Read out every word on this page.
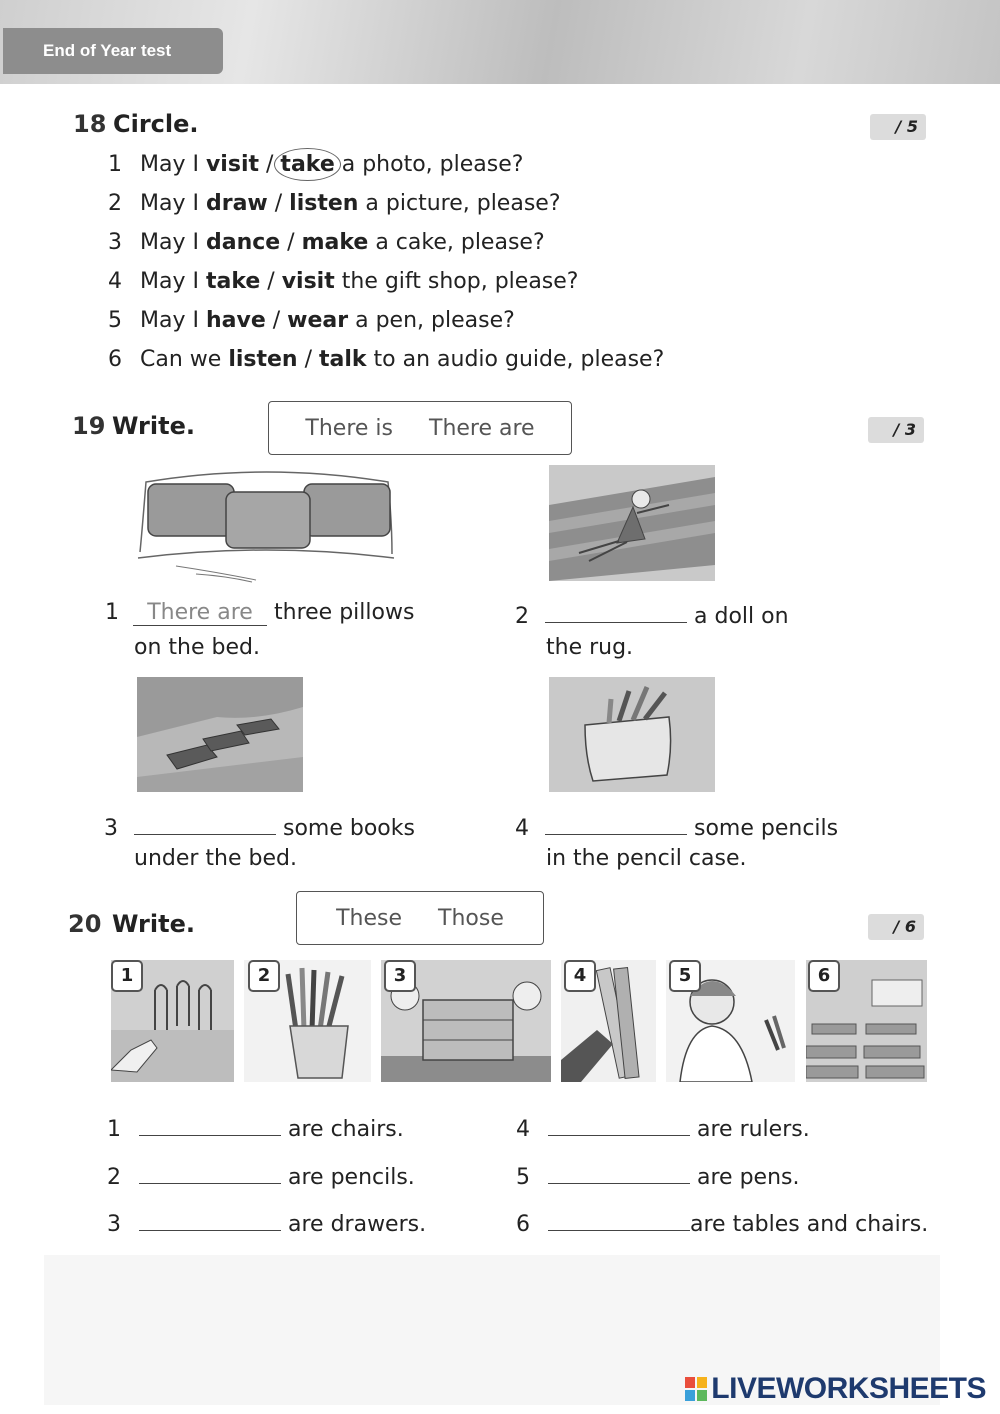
End of Year test
18 Circle.	/ 5
1 May I visit / take a photo, please?
2 May I draw / listen a picture, please?
3 May I dance / make a cake, please?
4 May I take / visit the gift shop, please?
5 May I have / wear a pen, please?
6 Can we listen / talk to an audio guide, please?
19 Write.	There is There are	/ 3
1 There are three pillows
on the bed.
2	a doll on
the rug.
3	some books
under the bed.
4	some pencils
in the pencil case.
20 Write.	These Those	/ 6
1	2	3	4	5	6
1	are chairs.
2	are pencils.
3	are drawers.
4	are rulers.
5	are pens.
6	are tables and chairs.
LIVEWORKSHEETS
